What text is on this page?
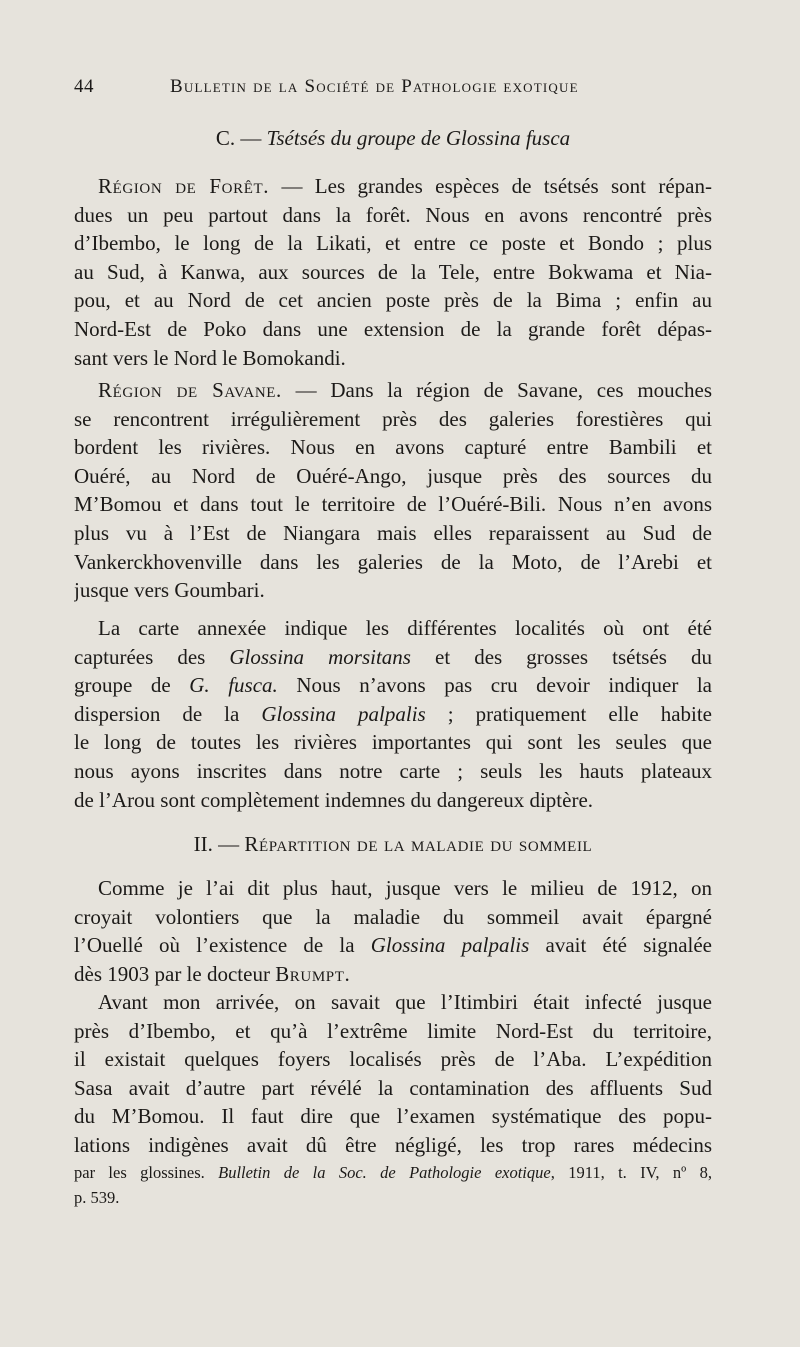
44	Bulletin de la Société de Pathologie exotique
C. — Tsétsés du groupe de Glossina fusca
Région de Forêt. — Les grandes espèces de tsétsés sont répan-
dues un peu partout dans la forêt. Nous en avons rencontré près
d’Ibembo, le long de la Likati, et entre ce poste et Bondo ; plus
au Sud, à Kanwa, aux sources de la Tele, entre Bokwama et Nia-
pou, et au Nord de cet ancien poste près de la Bima ; enfin au
Nord-Est de Poko dans une extension de la grande forêt dépas-
sant vers le Nord le Bomokandi.
Région de Savane. — Dans la région de Savane, ces mouches
se rencontrent irrégulièrement près des galeries forestières qui
bordent les rivières. Nous en avons capturé entre Bambili et
Ouéré, au Nord de Ouéré-Ango, jusque près des sources du
M’Bomou et dans tout le territoire de l’Ouéré-Bili. Nous n’en avons
plus vu à l’Est de Niangara mais elles reparaissent au Sud de
Vankerckhovenville dans les galeries de la Moto, de l’Arebi et
jusque vers Goumbari.
La carte annexée indique les différentes localités où ont été
capturées des Glossina morsitans et des grosses tsétsés du
groupe de G. fusca. Nous n’avons pas cru devoir indiquer la
dispersion de la Glossina palpalis ; pratiquement elle habite
le long de toutes les rivières importantes qui sont les seules que
nous ayons inscrites dans notre carte ; seuls les hauts plateaux
de l’Arou sont complètement indemnes du dangereux diptère.
II. — Répartition de la maladie du sommeil
Comme je l’ai dit plus haut, jusque vers le milieu de 1912, on
croyait volontiers que la maladie du sommeil avait épargné
l’Ouellé où l’existence de la Glossina palpalis avait été signalée
dès 1903 par le docteur Brumpt.
Avant mon arrivée, on savait que l’Itimbiri était infecté jusque
près d’Ibembo, et qu’à l’extrême limite Nord-Est du territoire,
il existait quelques foyers localisés près de l’Aba. L’expédition
Sasa avait d’autre part révélé la contamination des affluents Sud
du M’Bomou. Il faut dire que l’examen systématique des popu-
lations indigènes avait dû être négligé, les trop rares médecins
par les glossines. Bulletin de la Soc. de Pathologie exotique, 1911, t. IV, nº 8,
p. 539.
